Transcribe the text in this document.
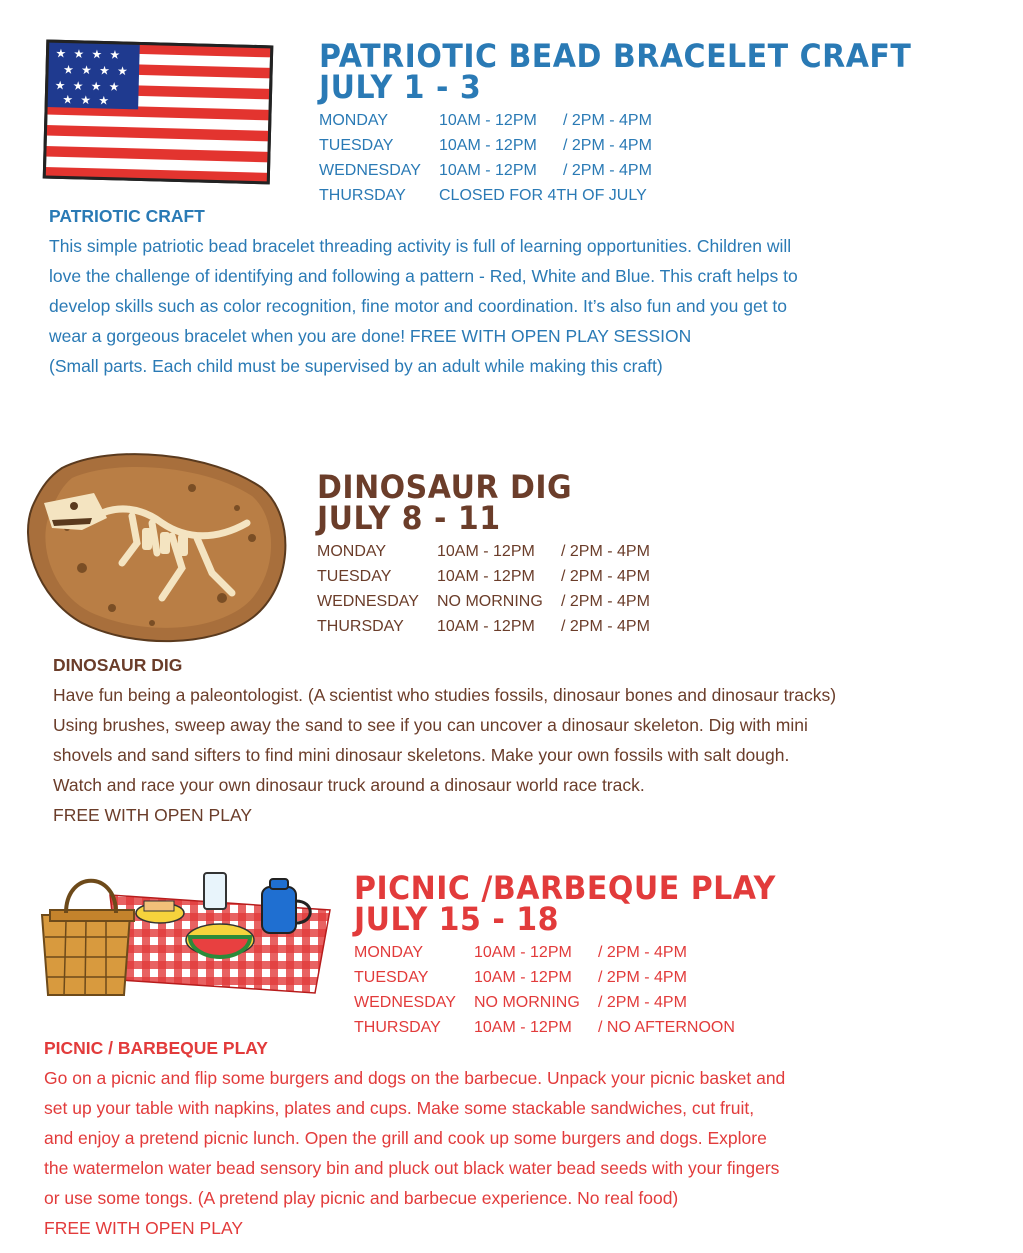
★ ★ ★ ★
★ ★ ★ ★
★ ★ ★ ★
★ ★ ★
PATRIOTIC BEAD BRACELET CRAFT
JULY 1 - 3
MONDAY	10AM - 12PM	/ 2PM - 4PM
TUESDAY	10AM - 12PM	/ 2PM - 4PM
WEDNESDAY	10AM - 12PM	/ 2PM - 4PM
THURSDAY	CLOSED FOR 4TH OF JULY
PATRIOTIC CRAFT
This simple patriotic bead bracelet threading activity is full of learning opportunities. Children will
love the challenge of identifying and following a pattern - Red, White and Blue. This craft helps to
develop skills such as color recognition, fine motor and coordination. It’s also fun and you get to
wear a gorgeous bracelet when you are done! FREE WITH OPEN PLAY SESSION
(Small parts. Each child must be supervised by an adult while making this craft)
DINOSAUR DIG
JULY 8 - 11
MONDAY	10AM - 12PM	/ 2PM - 4PM
TUESDAY	10AM - 12PM	/ 2PM - 4PM
WEDNESDAY	NO MORNING	/ 2PM - 4PM
THURSDAY	10AM - 12PM	/ 2PM - 4PM
DINOSAUR DIG
Have fun being a paleontologist. (A scientist who studies fossils, dinosaur bones and dinosaur tracks)
Using brushes, sweep away the sand to see if you can uncover a dinosaur skeleton. Dig with mini
shovels and sand sifters to find mini dinosaur skeletons. Make your own fossils with salt dough.
Watch and race your own dinosaur truck around a dinosaur world race track.
FREE WITH OPEN PLAY
PICNIC /BARBEQUE PLAY
JULY 15 - 18
MONDAY	10AM - 12PM	/ 2PM - 4PM
TUESDAY	10AM - 12PM	/ 2PM - 4PM
WEDNESDAY	NO MORNING	/ 2PM - 4PM
THURSDAY	10AM - 12PM	/ NO AFTERNOON
PICNIC / BARBEQUE PLAY
Go on a picnic and flip some burgers and dogs on the barbecue. Unpack your picnic basket and
set up your table with napkins, plates and cups. Make some stackable sandwiches, cut fruit,
and enjoy a pretend picnic lunch. Open the grill and cook up some burgers and dogs. Explore
the watermelon water bead sensory bin and pluck out black water bead seeds with your fingers
or use some tongs. (A pretend play picnic and barbecue experience. No real food)
FREE WITH OPEN PLAY
